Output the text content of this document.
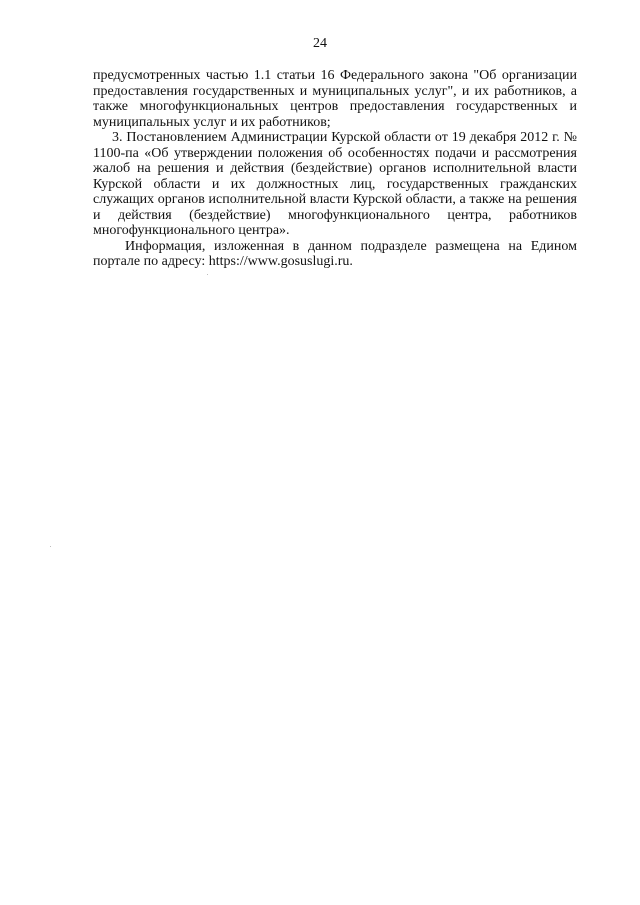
24

предусмотренных частью 1.1 статьи 16 Федерального закона "Об организации предоставления государственных и муниципальных услуг", и их работников, а также многофункциональных центров предоставления государственных и муниципальных услуг и их работников;

3. Постановлением Администрации Курской области от 19 декабря 2012 г. № 1100-па «Об утверждении положения об особенностях подачи и рассмотрения жалоб на решения и действия (бездействие) органов исполнительной власти Курской области и их должностных лиц, государственных гражданских служащих органов исполнительной власти Курской области, а также на решения и действия (бездействие) многофункционального центра, работников многофункционального центра».

Информация, изложенная в данном подразделе размещена на Едином портале по адресу: https://www.gosuslugi.ru.
